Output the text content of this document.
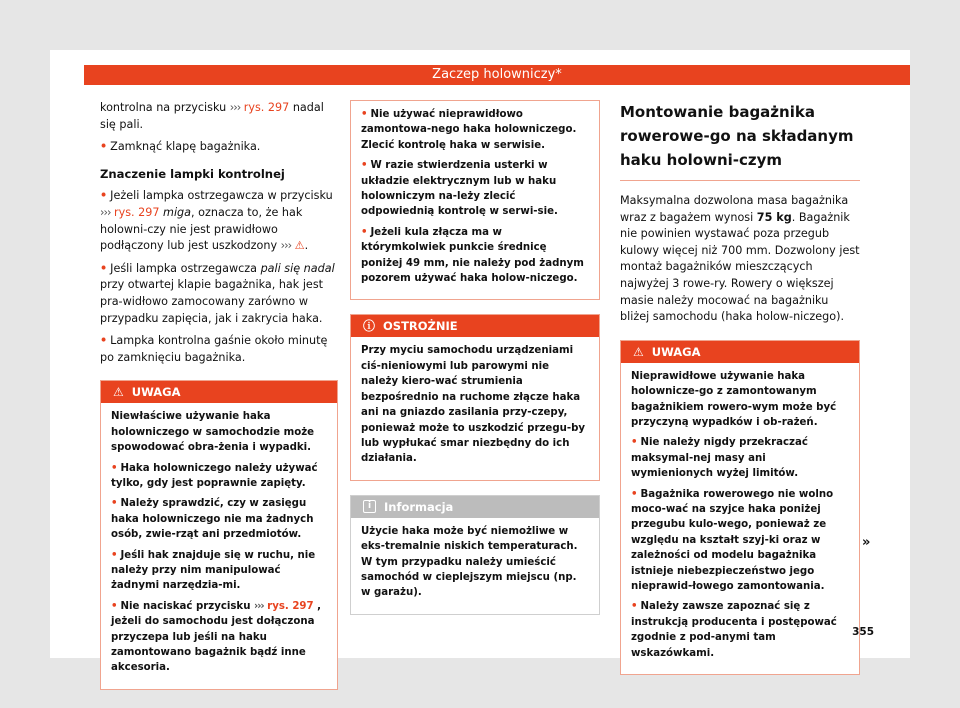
Zaczep holowniczy*

kontrolna na przycisku ››› rys. 297 nadal się pali.

• Zamknąć klapę bagażnika.

Znaczenie lampki kontrolnej

• Jeżeli lampka ostrzegawcza w przycisku ››› rys. 297 miga, oznacza to, że hak holowni-czy nie jest prawidłowo podłączony lub jest uszkodzony ››› ⚠.

• Jeśli lampka ostrzegawcza pali się nadal przy otwartej klapie bagażnika, hak jest pra-widłowo zamocowany zarówno w przypadku zapięcia, jak i zakrycia haka.

• Lampka kontrolna gaśnie około minutę po zamknięciu bagażnika.

⚠ UWAGA

Niewłaściwe używanie haka holowniczego w samochodzie może spowodować obra-żenia i wypadki.

• Haka holowniczego należy używać tylko, gdy jest poprawnie zapięty.

• Należy sprawdzić, czy w zasięgu haka holowniczego nie ma żadnych osób, zwie-rząt ani przedmiotów.

• Jeśli hak znajduje się w ruchu, nie należy przy nim manipulować żadnymi narzędzia-mi.

• Nie naciskać przycisku ››› rys. 297 , jeżeli do samochodu jest dołączona przyczepa lub jeśli na haku zamontowano bagażnik bądź inne akcesoria.

• Nie używać nieprawidłowo zamontowa-nego haka holowniczego. Zlecić kontrolę haka w serwisie.

• W razie stwierdzenia usterki w układzie elektrycznym lub w haku holowniczym na-leży zlecić odpowiednią kontrolę w serwi-sie.

• Jeżeli kula złącza ma w którymkolwiek punkcie średnicę poniżej 49 mm, nie należy pod żadnym pozorem używać haka holow-niczego.

ⓘ OSTROŻNIE

Przy myciu samochodu urządzeniami ciś-nieniowymi lub parowymi nie należy kiero-wać strumienia bezpośrednio na ruchome złącze haka ani na gniazdo zasilania przy-czepy, ponieważ może to uszkodzić przegu-by lub wypłukać smar niezbędny do ich działania.

i	Informacja

Użycie haka może być niemożliwe w eks-tremalnie niskich temperaturach. W tym przypadku należy umieścić samochód w cieplejszym miejscu (np. w garażu).

Montowanie bagażnika rowerowe-go na składanym haku holowni-czym

Maksymalna dozwolona masa bagażnika wraz z bagażem wynosi 75 kg. Bagażnik nie powinien wystawać poza przegub kulowy więcej niż 700 mm. Dozwolony jest montaż bagażników mieszczących najwyżej 3 rowe-ry. Rowery o większej masie należy mocować na bagażniku bliżej samochodu (haka holow-niczego).

⚠ UWAGA

Nieprawidłowe używanie haka holownicze-go z zamontowanym bagażnikiem rowero-wym może być przyczyną wypadków i ob-rażeń.

• Nie należy nigdy przekraczać maksymal-nej masy ani wymienionych wyżej limitów.

• Bagażnika rowerowego nie wolno moco-wać na szyjce haka poniżej przegubu kulo-wego, ponieważ ze względu na kształt szyj-ki oraz w zależności od modelu bagażnika istnieje niebezpieczeństwo jego nieprawid-łowego zamontowania.

• Należy zawsze zapoznać się z instrukcją producenta i postępować zgodnie z pod-anymi tam wskazówkami.

»
355
